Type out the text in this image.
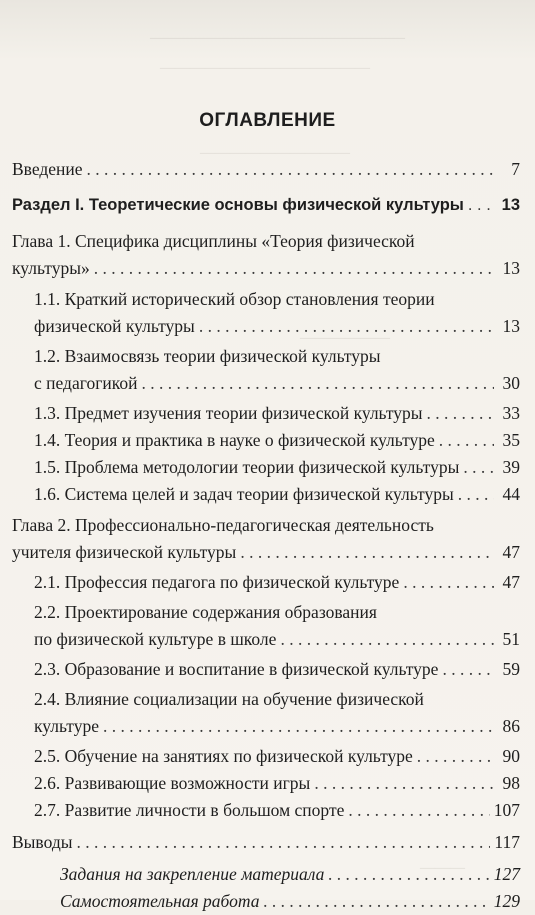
—————————————————
——————————————
——————————
——————
———
ОГЛАВЛЕНИЕ
Введение . . .	7
Раздел I. Теоретические основы физической культуры . . . 13
Глава 1. Специфика дисциплины «Теория физической
культуры» . . .	13
1.1. Краткий исторический обзор становления теории
физической культуры . . .	13
1.2. Взаимосвязь теории физической культуры
с педагогикой . . .	30
1.3. Предмет изучения теории физической культуры . . .	33
1.4. Теория и практика в науке о физической культуре . . .	35
1.5. Проблема методологии теории физической культуры . . . 39
1.6. Система целей и задач теории физической культуры . . .	44
Глава 2. Профессионально-педагогическая деятельность
учителя физической культуры . . .	47
2.1. Профессия педагога по физической культуре . . .	47
2.2. Проектирование содержания образования
по физической культуре в школе . . .	51
2.3. Образование и воспитание в физической культуре . . .	59
2.4. Влияние социализации на обучение физической
культуре . . .	86
2.5. Обучение на занятиях по физической культуре . . .	90
2.6. Развивающие возможности игры . . .	98
2.7. Развитие личности в большом спорте . . .	107
Выводы . . .	117
Задания на закрепление материала . . .	127
Самостоятельная работа . . .	129
